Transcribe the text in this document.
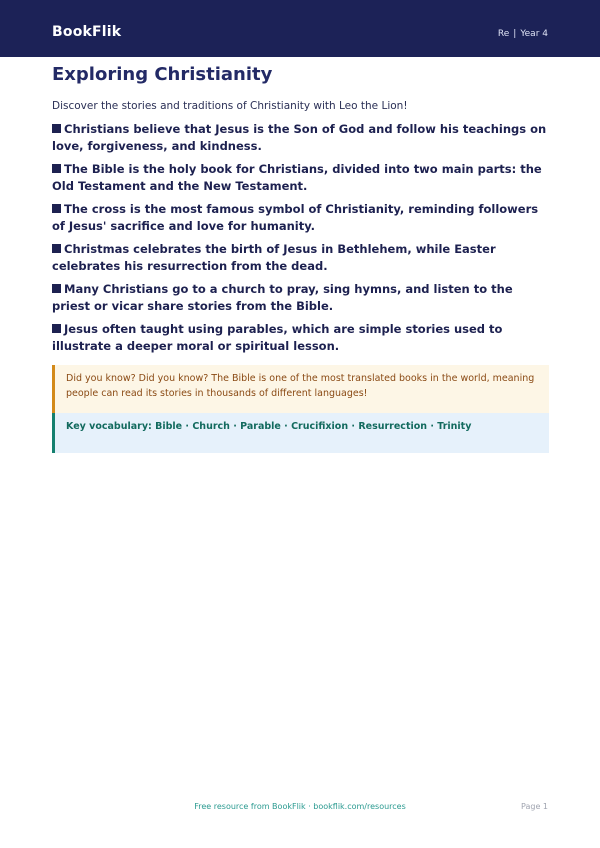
BookFlik	Re | Year 4
Exploring Christianity
Discover the stories and traditions of Christianity with Leo the Lion!
Christians believe that Jesus is the Son of God and follow his teachings on love, forgiveness, and kindness.
The Bible is the holy book for Christians, divided into two main parts: the Old Testament and the New Testament.
The cross is the most famous symbol of Christianity, reminding followers of Jesus' sacrifice and love for humanity.
Christmas celebrates the birth of Jesus in Bethlehem, while Easter celebrates his resurrection from the dead.
Many Christians go to a church to pray, sing hymns, and listen to the priest or vicar share stories from the Bible.
Jesus often taught using parables, which are simple stories used to illustrate a deeper moral or spiritual lesson.
Did you know? Did you know? The Bible is one of the most translated books in the world, meaning people can read its stories in thousands of different languages!
Key vocabulary: Bible · Church · Parable · Crucifixion · Resurrection · Trinity
Free resource from BookFlik · bookflik.com/resources	Page 1
